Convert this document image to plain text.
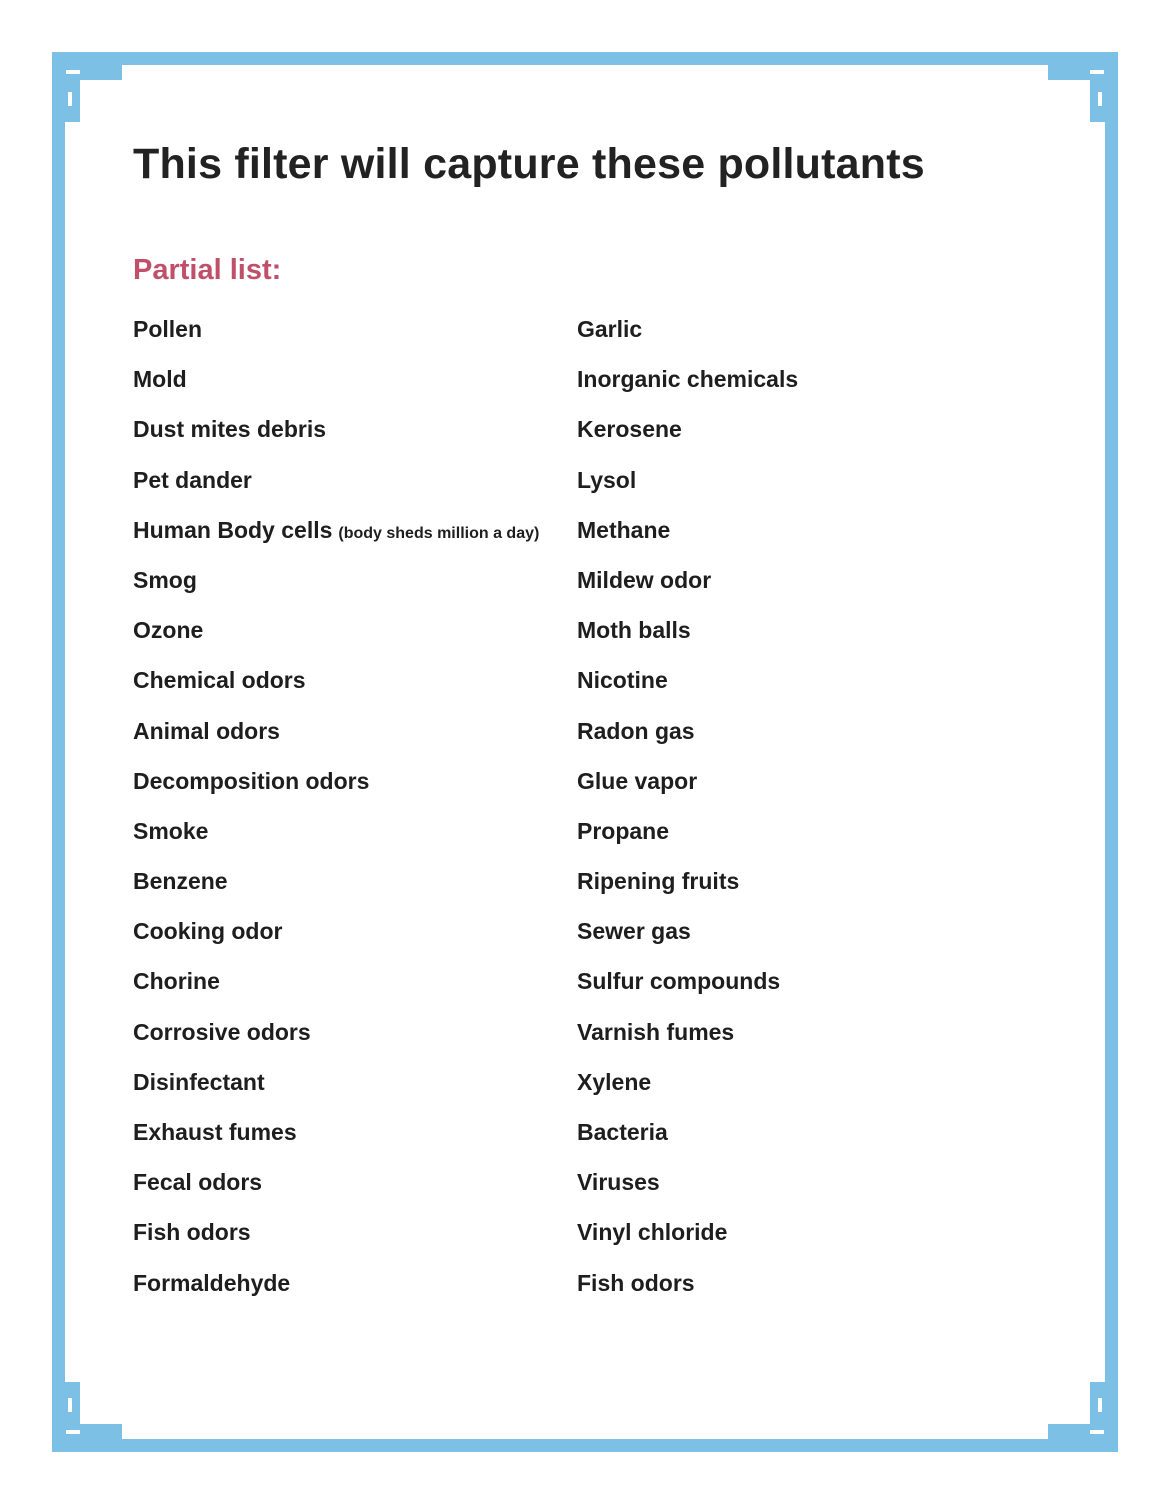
This filter will capture these pollutants
Partial list:
Pollen
Mold
Dust mites debris
Pet dander
Human Body cells (body sheds million a day)
Smog
Ozone
Chemical odors
Animal odors
Decomposition odors
Smoke
Benzene
Cooking odor
Chorine
Corrosive odors
Disinfectant
Exhaust fumes
Fecal odors
Fish odors
Formaldehyde
Garlic
Inorganic chemicals
Kerosene
Lysol
Methane
Mildew odor
Moth balls
Nicotine
Radon gas
Glue vapor
Propane
Ripening fruits
Sewer gas
Sulfur compounds
Varnish fumes
Xylene
Bacteria
Viruses
Vinyl chloride
Fish odors
